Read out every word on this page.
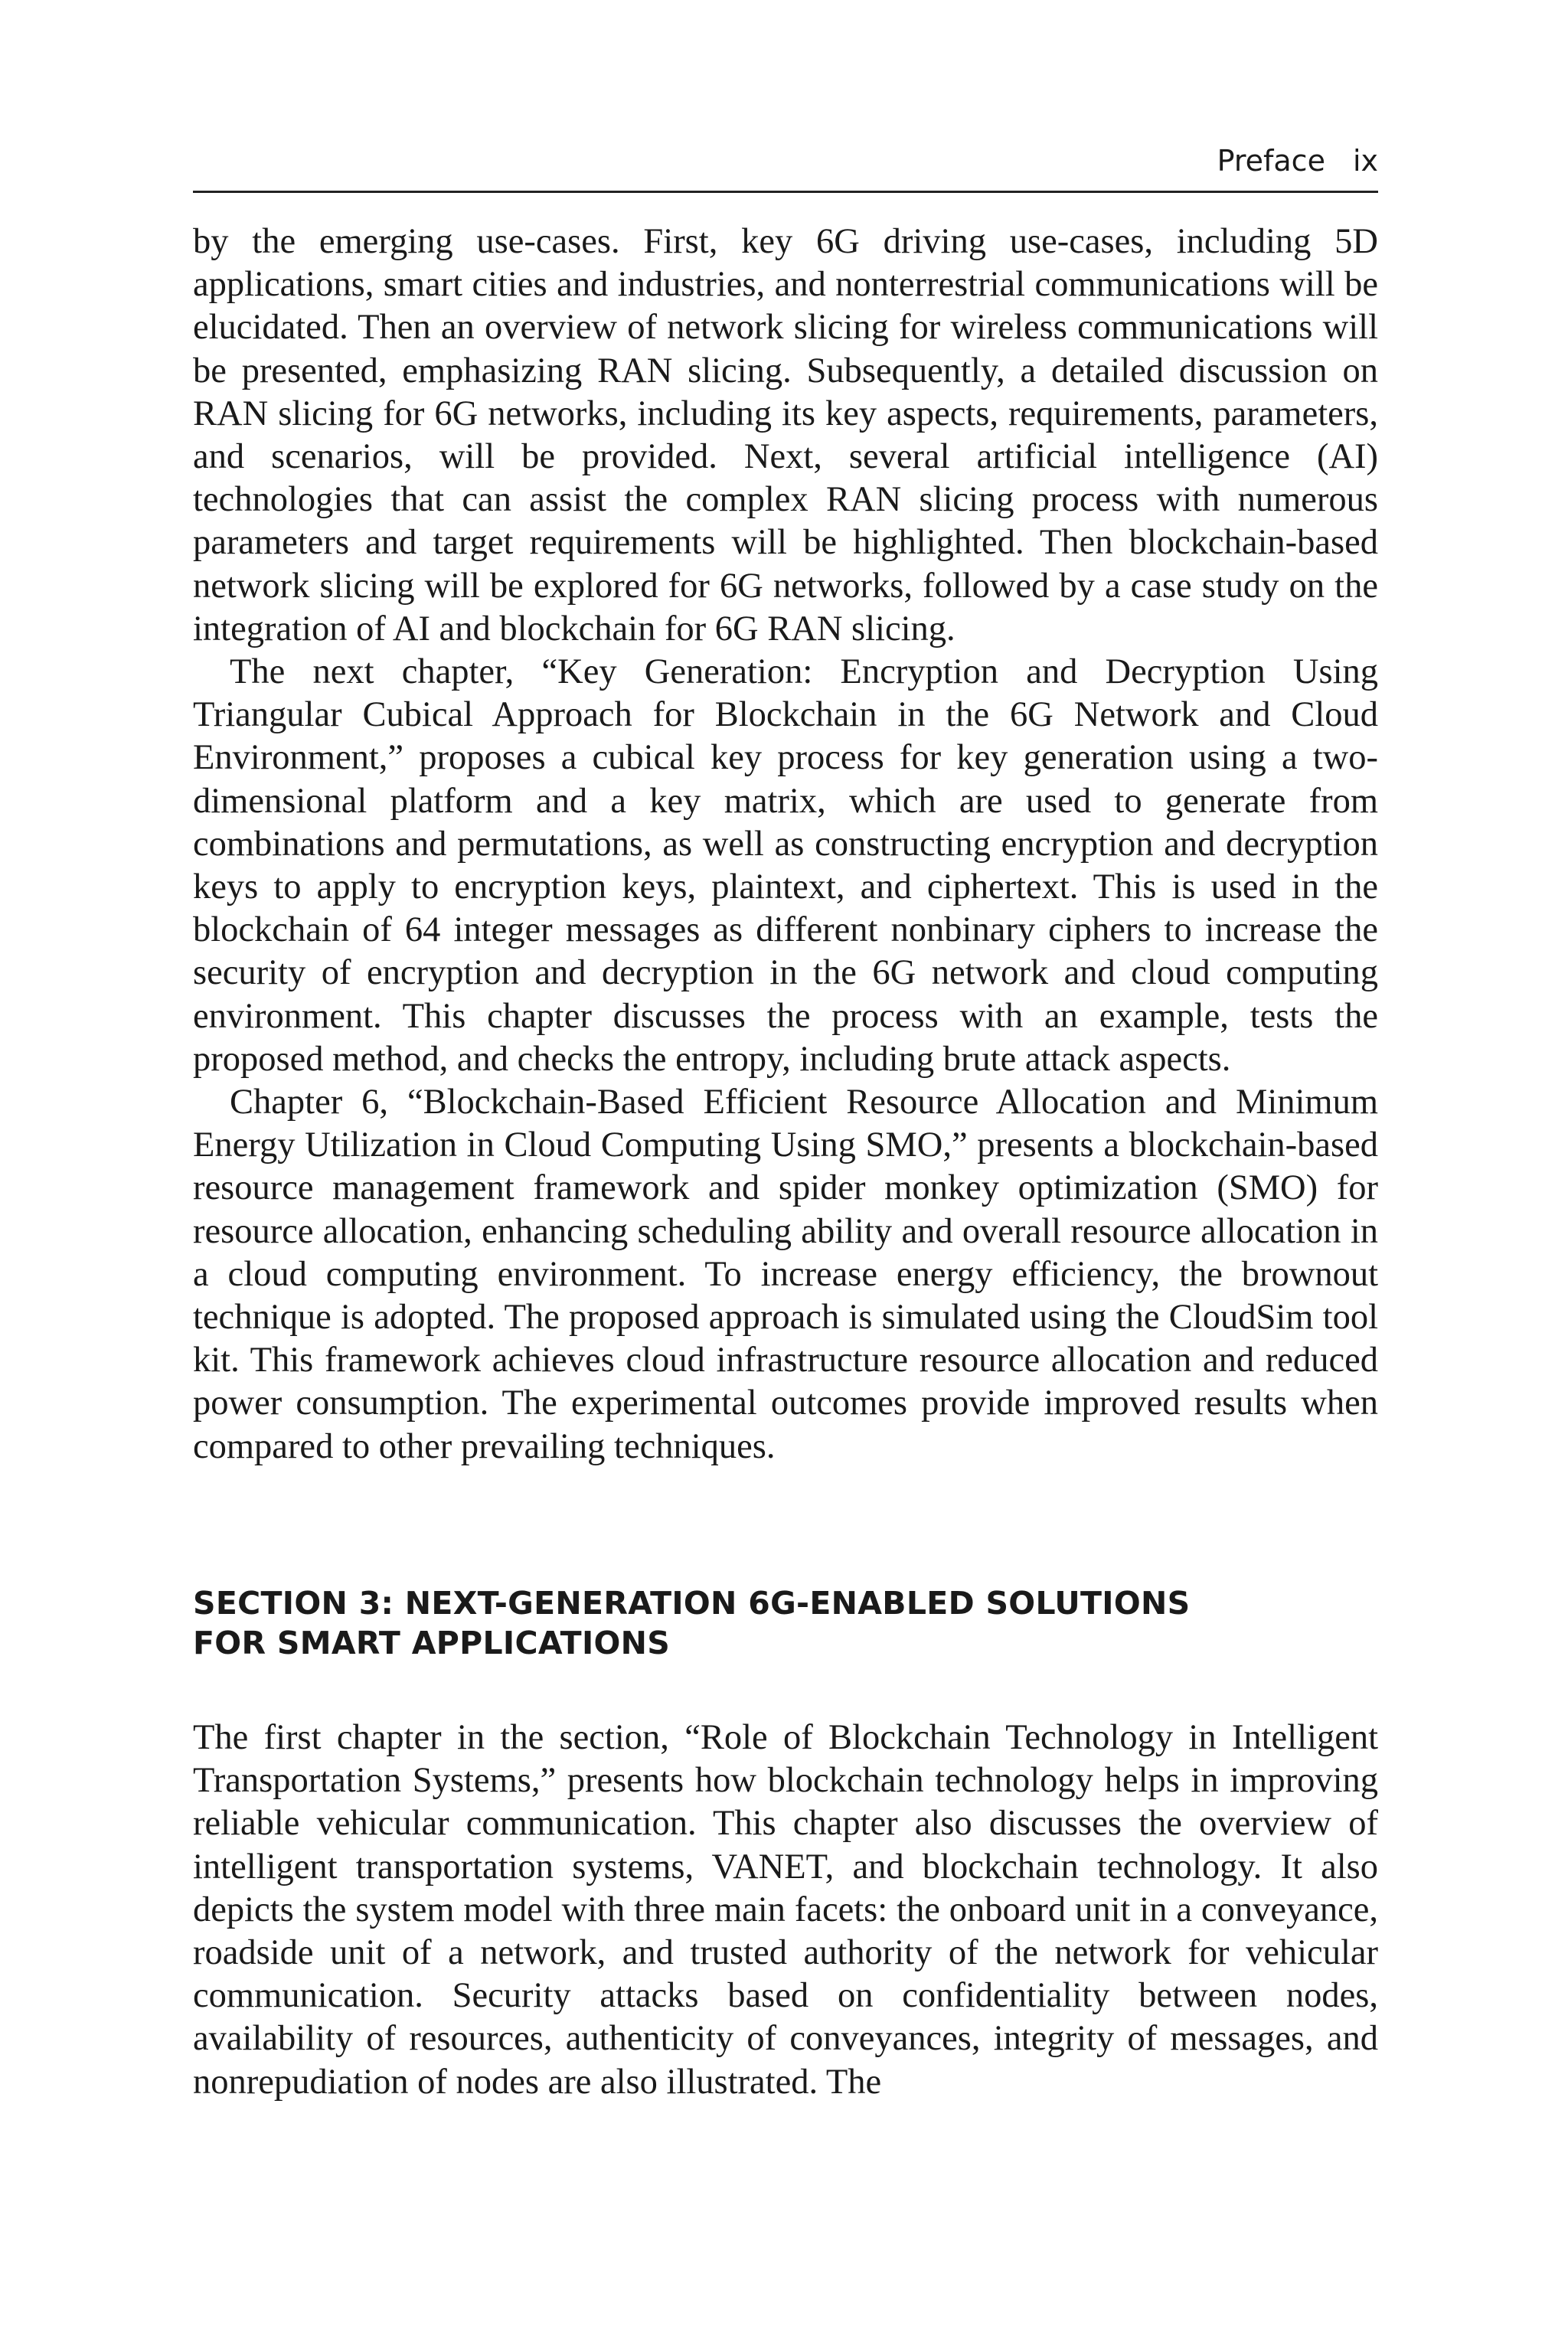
Preface ix

by the emerging use-cases. First, key 6G driving use-cases, including 5D applications, smart cities and industries, and nonterrestrial communications will be elucidated. Then an overview of network slicing for wireless communications will be presented, emphasizing RAN slicing. Subsequently, a detailed discussion on RAN slicing for 6G networks, including its key aspects, requirements, parameters, and scenarios, will be provided. Next, several artificial intelligence (AI) technologies that can assist the complex RAN slicing process with numerous parameters and target requirements will be highlighted. Then blockchain-based network slicing will be explored for 6G networks, followed by a case study on the integration of AI and blockchain for 6G RAN slicing.

The next chapter, “Key Generation: Encryption and Decryption Using Triangular Cubical Approach for Blockchain in the 6G Network and Cloud Environment,” proposes a cubical key process for key generation using a two-dimensional platform and a key matrix, which are used to generate from combinations and permutations, as well as constructing encryption and decryption keys to apply to encryption keys, plaintext, and ciphertext. This is used in the blockchain of 64 integer messages as different nonbinary ciphers to increase the security of encryption and decryption in the 6G network and cloud computing environment. This chapter discusses the process with an example, tests the proposed method, and checks the entropy, including brute attack aspects.

Chapter 6, “Blockchain-Based Efficient Resource Allocation and Minimum Energy Utilization in Cloud Computing Using SMO,” presents a blockchain-based resource management framework and spider monkey optimization (SMO) for resource allocation, enhancing scheduling ability and overall resource allocation in a cloud computing environment. To increase energy efficiency, the brownout technique is adopted. The proposed approach is simulated using the CloudSim tool kit. This framework achieves cloud infrastructure resource allocation and reduced power consumption. The experimental outcomes provide improved results when compared to other prevailing techniques.

SECTION 3: NEXT-GENERATION 6G-ENABLED SOLUTIONS
FOR SMART APPLICATIONS

The first chapter in the section, “Role of Blockchain Technology in Intelligent Transportation Systems,” presents how blockchain technology helps in improving reliable vehicular communication. This chapter also discusses the overview of intelligent transportation systems, VANET, and blockchain technology. It also depicts the system model with three main facets: the onboard unit in a conveyance, roadside unit of a network, and trusted authority of the network for vehicular communication. Security attacks based on confidentiality between nodes, availability of resources, authenticity of conveyances, integrity of messages, and nonrepudiation of nodes are also illustrated. The
